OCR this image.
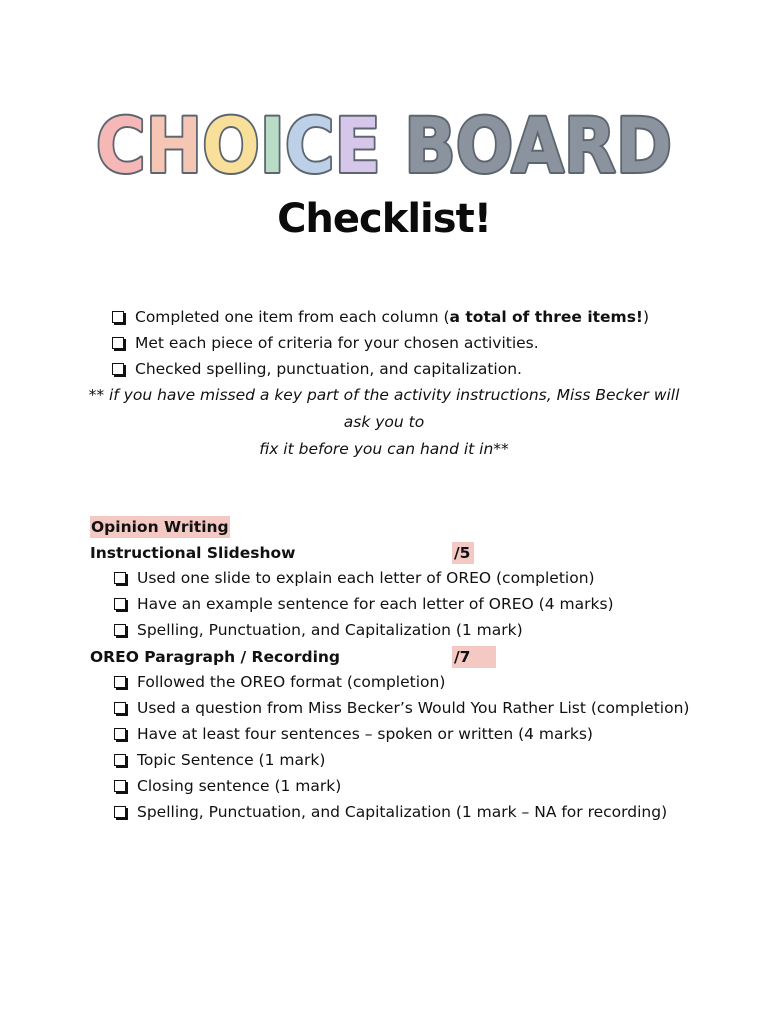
CHOICE BOARD
Checklist!
Completed one item from each column ( a total of three items! )
Met each piece of criteria for your chosen activities.
Checked spelling, punctuation, and capitalization.
** if you have missed a key part of the activity instructions, Miss Becker will ask you to
fix it before you can hand it in**
Opinion Writing
Instructional Slideshow	/5
Used one slide to explain each letter of OREO (completion)
Have an example sentence for each letter of OREO (4 marks)
Spelling, Punctuation, and Capitalization (1 mark)
OREO Paragraph / Recording	/7
Followed the OREO format (completion)
Used a question from Miss Becker’s Would You Rather List (completion)
Have at least four sentences – spoken or written (4 marks)
Topic Sentence (1 mark)
Closing sentence (1 mark)
Spelling, Punctuation, and Capitalization (1 mark – NA for recording)
